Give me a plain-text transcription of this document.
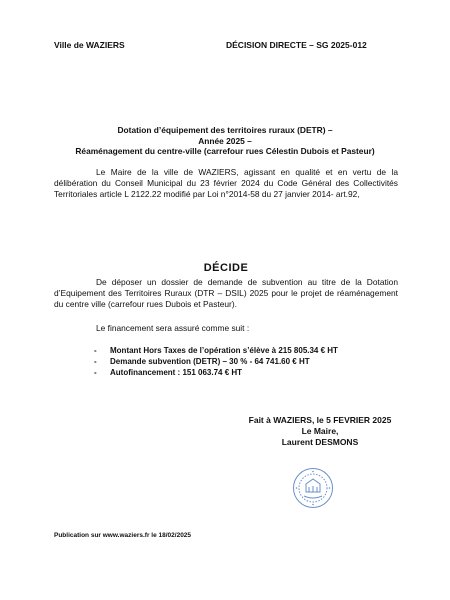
Ville de WAZIERS	DÉCISION DIRECTE – SG 2025-012
Dotation d’équipement des territoires ruraux (DETR) –
Année 2025 –
Réaménagement du centre-ville (carrefour rues Célestin Dubois et Pasteur)
Le Maire de la ville de WAZIERS, agissant en qualité et en vertu de la délibération du Conseil Municipal du 23 février 2024 du Code Général des Collectivités Territoriales article L 2122.22 modifié par Loi n°2014-58 du 27 janvier 2014- art.92,
DÉCIDE
De déposer un dossier de demande de subvention au titre de la Dotation d’Equipement des Territoires Ruraux (DTR – DSIL) 2025 pour le projet de réaménagement du centre ville (carrefour rues Dubois et Pasteur).
Le financement sera assuré comme suit :
- Montant Hors Taxes de l’opération s’élève à 215 805.34 € HT
- Demande subvention (DETR) – 30 % - 64 741.60 € HT
- Autofinancement : 151 063.74 € HT
Fait à WAZIERS, le 5 FEVRIER 2025
Le Maire,
Laurent DESMONS
Publication sur www.waziers.fr le 18/02/2025
